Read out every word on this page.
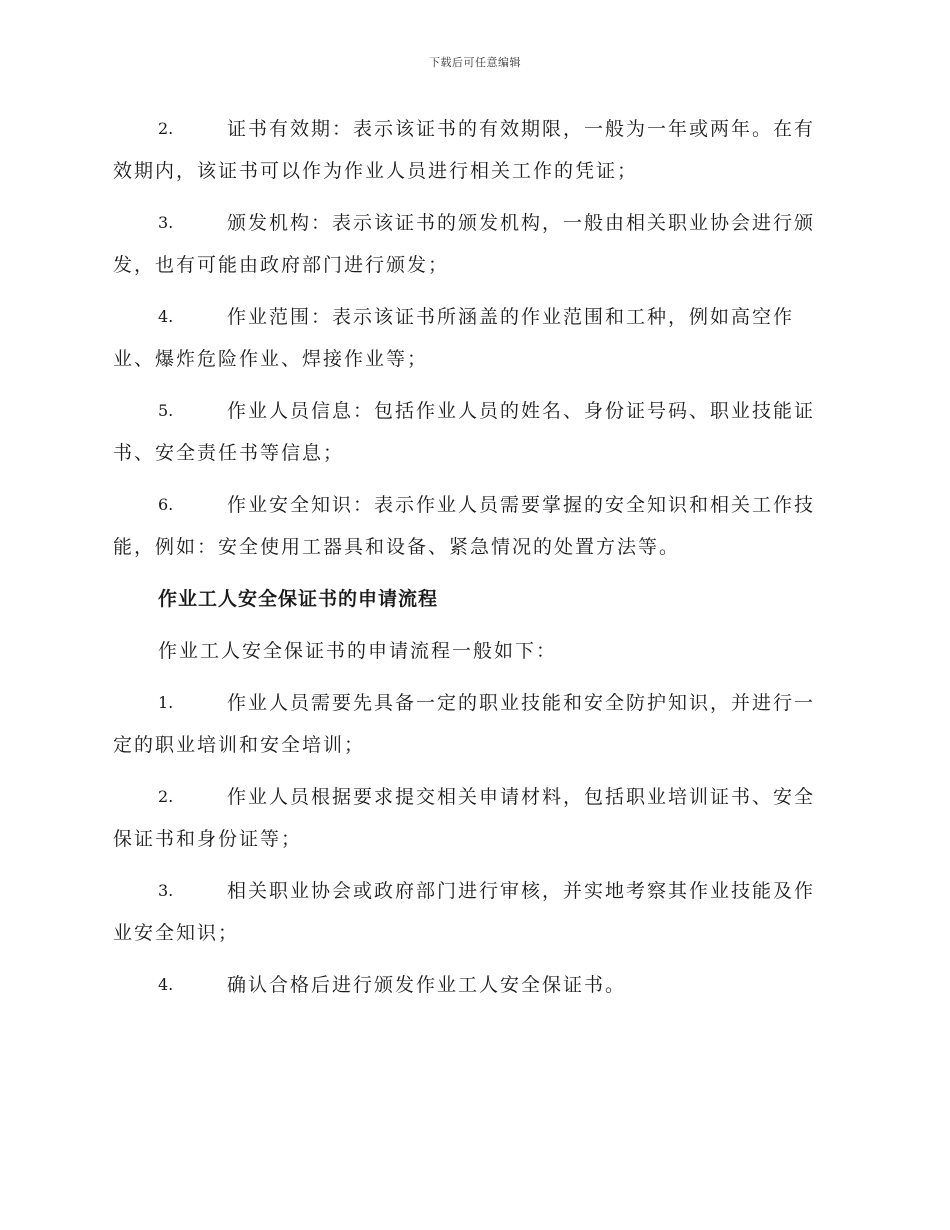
下载后可任意编辑
2.	证书有效期：表示该证书的有效期限，一般为一年或两年。在有效期内，该证书可以作为作业人员进行相关工作的凭证；
3.	颁发机构：表示该证书的颁发机构，一般由相关职业协会进行颁发，也有可能由政府部门进行颁发；
4.	作业范围：表示该证书所涵盖的作业范围和工种，例如高空作业、爆炸危险作业、焊接作业等；
5.	作业人员信息：包括作业人员的姓名、身份证号码、职业技能证书、安全责任书等信息；
6.	作业安全知识：表示作业人员需要掌握的安全知识和相关工作技能，例如：安全使用工器具和设备、紧急情况的处置方法等。
作业工人安全保证书的申请流程
作业工人安全保证书的申请流程一般如下：
1.	作业人员需要先具备一定的职业技能和安全防护知识，并进行一定的职业培训和安全培训；
2.	作业人员根据要求提交相关申请材料，包括职业培训证书、安全保证书和身份证等；
3.	相关职业协会或政府部门进行审核，并实地考察其作业技能及作业安全知识；
4.	确认合格后进行颁发作业工人安全保证书。
